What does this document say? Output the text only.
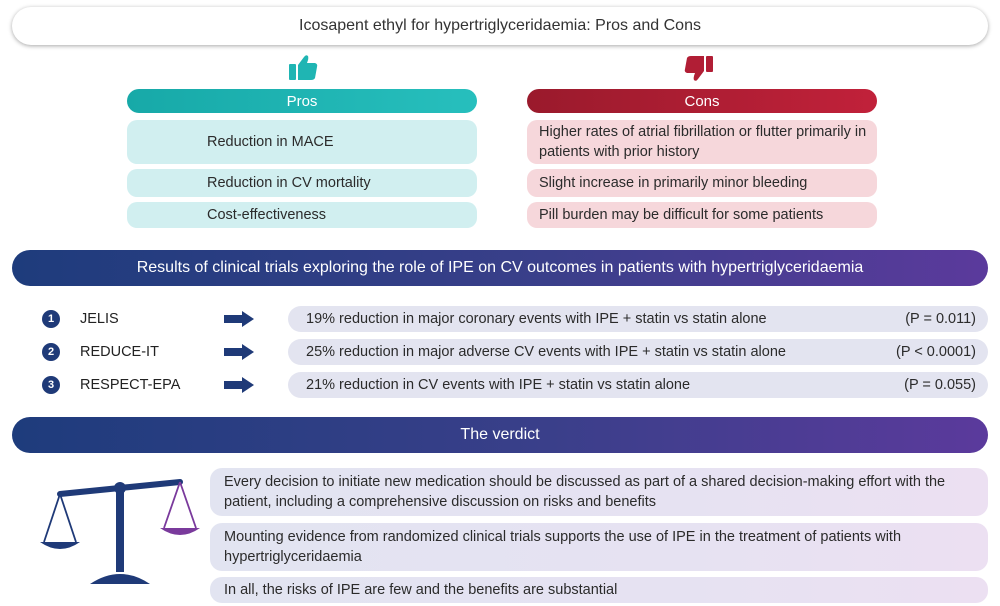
Icosapent ethyl for hypertriglyceridaemia: Pros and Cons
Pros	Cons
Reduction in MACE
Reduction in CV mortality
Cost-effectiveness
Higher rates of atrial fibrillation or flutter primarily in patients with prior history
Slight increase in primarily minor bleeding
Pill burden may be difficult for some patients
Results of clinical trials exploring the role of IPE on CV outcomes in patients with hypertriglyceridaemia
1	JELIS	19% reduction in major coronary events with IPE + statin vs statin alone	(P = 0.011)
2	REDUCE-IT	25% reduction in major adverse CV events with IPE + statin vs statin alone	(P < 0.0001)
3	RESPECT-EPA	21% reduction in CV events with IPE + statin vs statin alone	(P = 0.055)
The verdict
Every decision to initiate new medication should be discussed as part of a shared decision-making effort with the patient, including a comprehensive discussion on risks and benefits
Mounting evidence from randomized clinical trials supports the use of IPE in the treatment of patients with hypertriglyceridaemia
In all, the risks of IPE are few and the benefits are substantial
